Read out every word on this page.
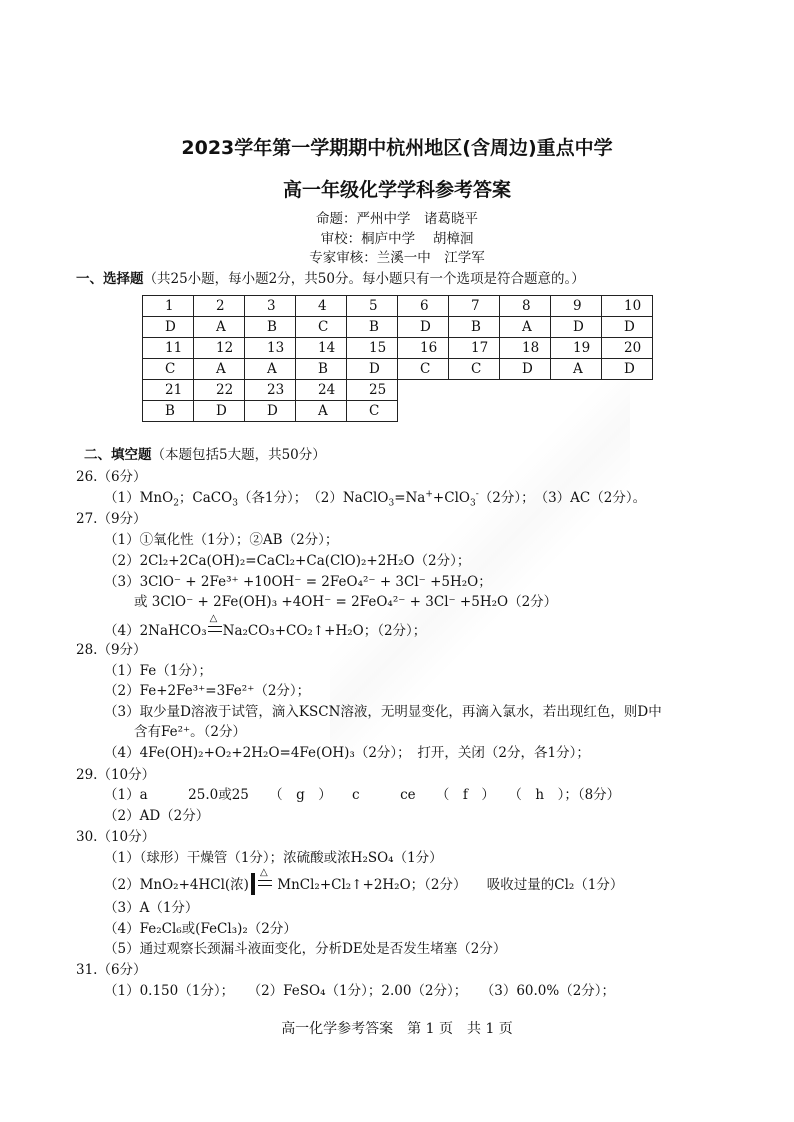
2023学年第一学期期中杭州地区(含周边)重点中学
高一年级化学学科参考答案
命题：严州中学　诸葛晓平
审校：桐庐中学　 胡樟洄
专家审核：兰溪一中　江学军
一、选择题（共25小题，每小题2分，共50分。每小题只有一个选项是符合题意的。）
1	2	3	4	5	6	7	8	9	10
D	A	B	C	B	D	B	A	D	D
11	12	13	14	15	16	17	18	19	20
C	A	A	B	D	C	C	D	A	D
21	22	23	24	25					
B	D	D	A	C					
二、填空题（本题包括5大题，共50分）
26.（6分）
（1）MnO$_2$；CaCO$_3$（各1分）；　（2）NaClO$_3$=Na++ClO$_3$-（2分）；　（3）AC（2分）。
27.（9分）
（1）①氧化性（1分）；②AB（2分）；
（2）2Cl₂+2Ca(OH)₂=CaCl₂+Ca(ClO)₂+2H₂O（2分）；
（3）3ClO⁻ + 2Fe³⁺ +10OH⁻ = 2FeO₄²⁻ + 3Cl⁻ +5H₂O；
或 3ClO⁻ + 2Fe(OH)₃ +4OH⁻ = 2FeO₄²⁻ + 3Cl⁻ +5H₂O（2分）
（4）2NaHCO₃
△
Na₂CO₃+CO₂↑+H₂O；（2分）；
28.（9分）
（1）Fe（1分）；
（2）Fe+2Fe³⁺=3Fe²⁺（2分）；
（3）取少量D溶液于试管，滴入KSCN溶液，无明显变化，再滴入氯水，若出现红色，则D中
含有Fe²⁺。（2分）
（4）4Fe(OH)₂+O₂+2H₂O=4Fe(OH)₃（2分）；　打开，关闭（2分，各1分）；
29.（10分）
（1）a　　　25.0或25　　（　g　）　　c　　　ce　　（　f　）　　（　h　）；（8分）
（2）AD（2分）
30.（10分）
（1）（球形）干燥管（1分）；浓硫酸或浓H₂SO₄（1分）
（2）MnO₂+4HCl(浓)
△
MnCl₂+Cl₂↑+2H₂O；（2分）　　吸收过量的Cl₂（1分）
（3）A（1分）
（4）Fe₂Cl₆或(FeCl₃)₂（2分）
（5）通过观察长颈漏斗液面变化，分析DE处是否发生堵塞（2分）
31.（6分）
（1）0.150（1分）；　　（2）FeSO₄（1分）；2.00（2分）；　　（3）60.0%（2分）；
高一化学参考答案　第 1 页　共 1 页
